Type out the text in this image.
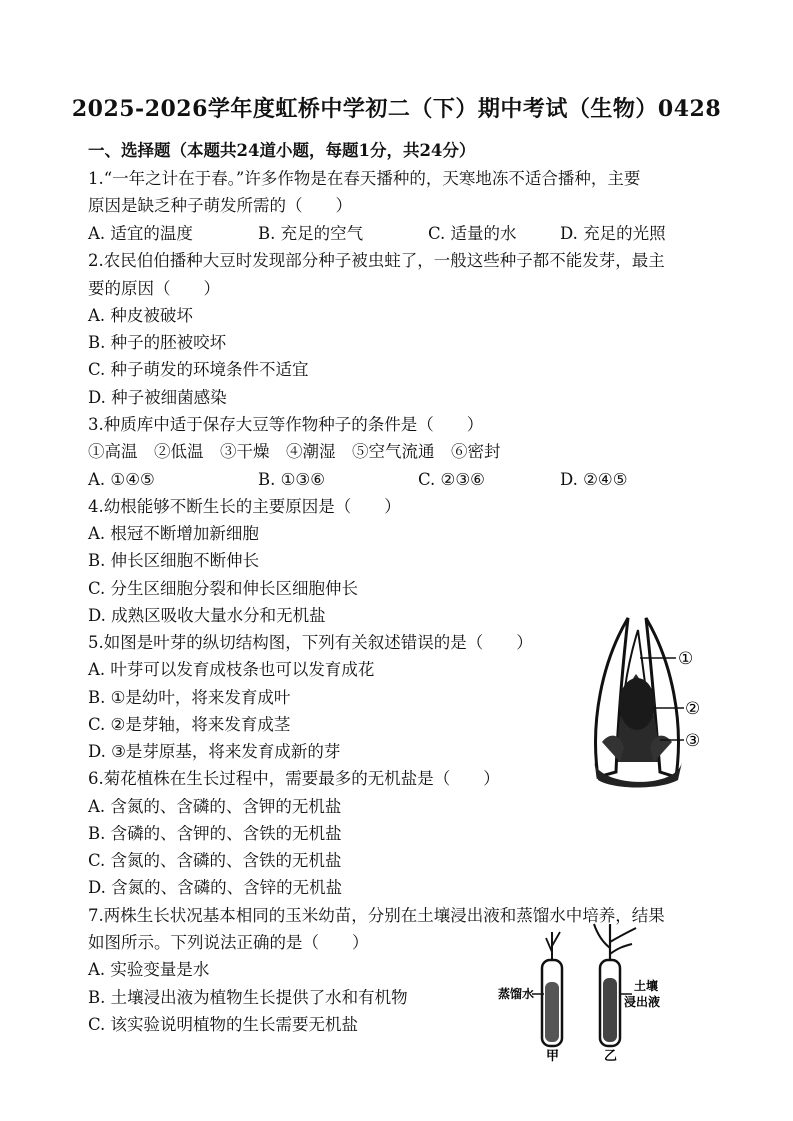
2025-2026学年度虹桥中学初二（下）期中考试（生物）0428
一、选择题（本题共24道小题，每题1分，共24分）
1.“一年之计在于春。”许多作物是在春天播种的，天寒地冻不适合播种，主要
原因是缺乏种子萌发所需的（　　）
A. 适宜的温度	B. 充足的空气	C. 适量的水	D. 充足的光照
2.农民伯伯播种大豆时发现部分种子被虫蛀了，一般这些种子都不能发芽，最主
要的原因（　　）
A. 种皮被破坏
B. 种子的胚被咬坏
C. 种子萌发的环境条件不适宜
D. 种子被细菌感染
3.种质库中适于保存大豆等作物种子的条件是（　　）
①高温　②低温　③干燥　④潮湿　⑤空气流通　⑥密封
A. ①④⑤	B. ①③⑥	C. ②③⑥	D. ②④⑤
4.幼根能够不断生长的主要原因是（　　）
A. 根冠不断增加新细胞
B. 伸长区细胞不断伸长
C. 分生区细胞分裂和伸长区细胞伸长
D. 成熟区吸收大量水分和无机盐
5.如图是叶芽的纵切结构图，下列有关叙述错误的是（　　）
A. 叶芽可以发育成枝条也可以发育成花
B. ①是幼叶，将来发育成叶
C. ②是芽轴，将来发育成茎
D. ③是芽原基，将来发育成新的芽
①
②
③
6.菊花植株在生长过程中，需要最多的无机盐是（　　）
A. 含氮的、含磷的、含钾的无机盐
B. 含磷的、含钾的、含铁的无机盐
C. 含氮的、含磷的、含铁的无机盐
D. 含氮的、含磷的、含锌的无机盐
7.两株生长状况基本相同的玉米幼苗，分别在土壤浸出液和蒸馏水中培养，结果
如图所示。下列说法正确的是（　　）
A. 实验变量是水
B. 土壤浸出液为植物生长提供了水和有机物
C. 该实验说明植物的生长需要无机盐
蒸馏水
土壤
浸出液
甲	乙
